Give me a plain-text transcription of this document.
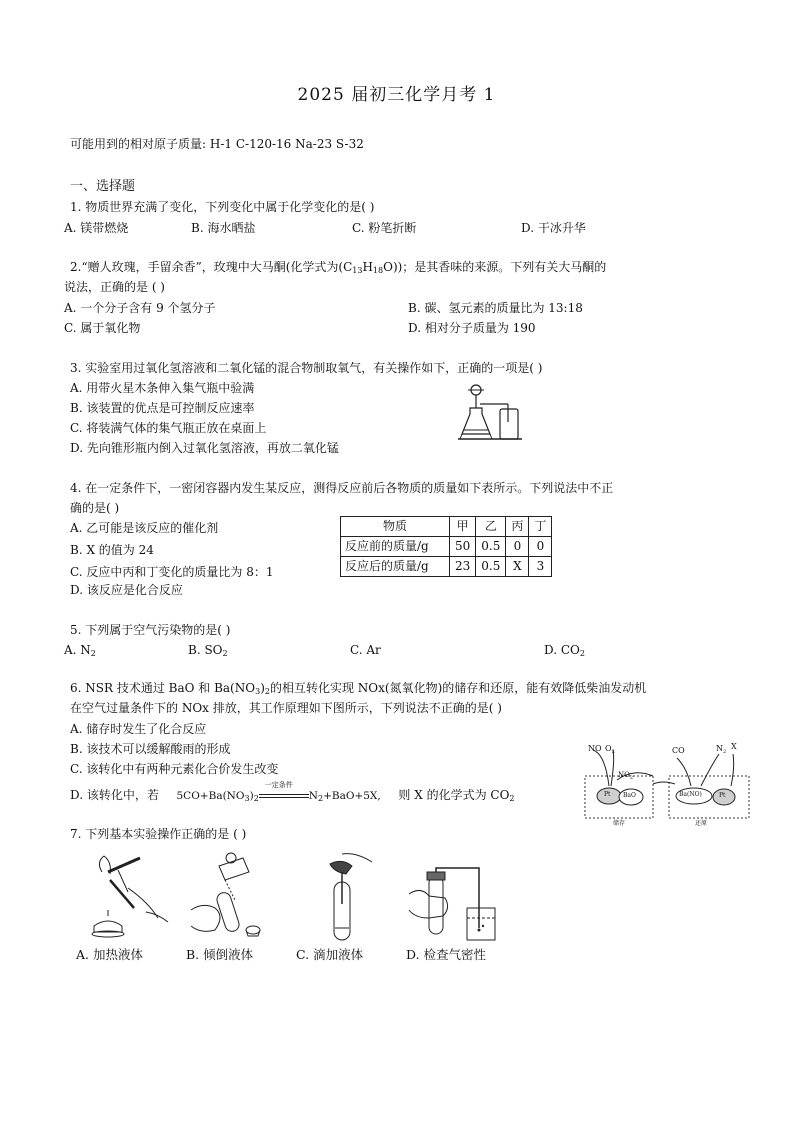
2025 届初三化学月考 1
可能用到的相对原子质量: H-1 C-120-16 Na-23 S-32
一、选择题
1. 物质世界充满了变化，下列变化中属于化学变化的是( )
A. 镁带燃烧	B. 海水晒盐	C. 粉笔折断	D. 干冰升华
2.“赠人玫瑰，手留余香”，玫瑰中大马酮(化学式为$(C_{13}H_{18}O)$)；是其香味的来源。下列有关大马酮的
说法，正确的是 ( )
A. 一个分子含有 9 个氢分子	B. 碳、氢元素的质量比为 13:18
C. 属于氧化物	D. 相对分子质量为 190
3. 实验室用过氧化氢溶液和二氧化锰的混合物制取氧气，有关操作如下，正确的一项是( )
A. 用带火星木条伸入集气瓶中验满
B. 该装置的优点是可控制反应速率
C. 将装满气体的集气瓶正放在桌面上
D. 先向锥形瓶内倒入过氧化氢溶液，再放二氧化锰
4. 在一定条件下，一密闭容器内发生某反应，测得反应前后各物质的质量如下表所示。下列说法中不正
确的是( )
A. 乙可能是该反应的催化剂
B. X 的值为 24
C. 反应中丙和丁变化的质量比为 8：1
D. 该反应是化合反应
物质	甲	乙	丙	丁
反应前的质量/g	50	0.5	0	0
反应后的质量/g	23	0.5	X	3
5. 下列属于空气污染物的是( )
A. $N_2$	B. $SO_2$	C. Ar	D. $CO_2$
6. NSR 技术通过 BaO 和 $Ba(NO_3)_2$的相互转化实现 NOx(氮氧化物)的储存和还原，能有效降低柴油发动机
在空气过量条件下的 NOx 排放，其工作原理如下图所示，下列说法不正确的是( )
A. 储存时发生了化合反应
B. 该技术可以缓解酸雨的形成
C. 该转化中有两种元素化合价发生改变
D. 该转化中，若 $5CO+Ba(NO_3)_2$
一定条件
$N_2+BaO+5X$, 则 X 的化学式为 $CO_2$
NO $O_2$
$NO_2$
CO	$N_2$
X
Pt BaO	Ba(NO)	Pt
储存	还原
7. 下列基本实验操作正确的是 ( )
A. 加热液体	B. 倾倒液体	C. 滴加液体	D. 检查气密性
